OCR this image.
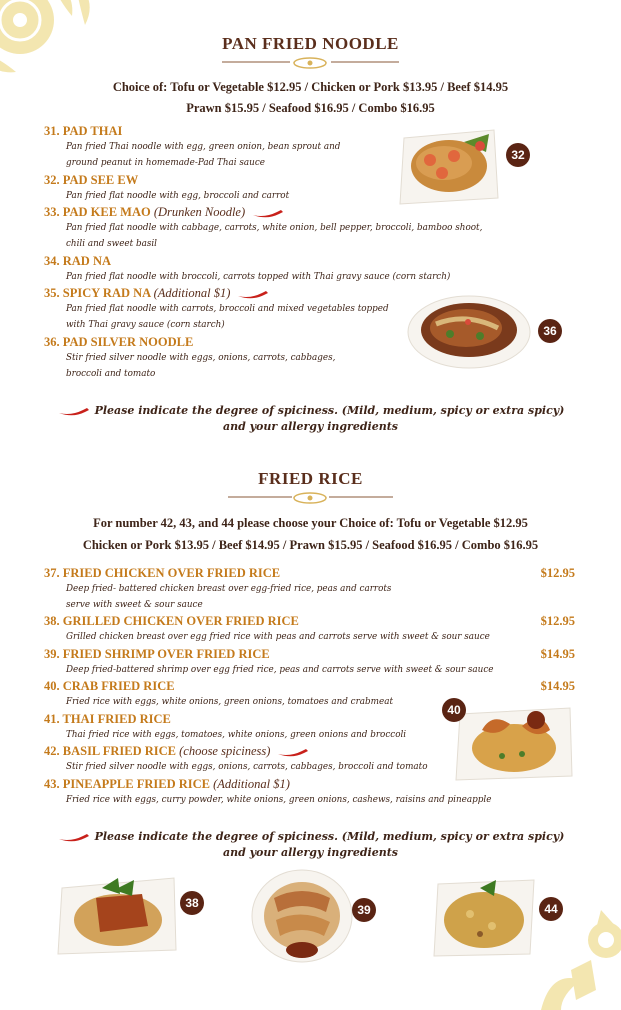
PAN FRIED NOODLE
Choice of: Tofu or Vegetable $12.95 / Chicken or Pork $13.95 / Beef $14.95
Prawn $15.95 / Seafood $16.95 / Combo $16.95
31. PAD THAI
Pan fried Thai noodle with egg, green onion, bean sprout and
ground peanut in homemade-Pad Thai sauce
32. PAD SEE EW
Pan fried flat noodle with egg, broccoli and carrot
33. PAD KEE MAO (Drunken Noodle)
Pan fried flat noodle with cabbage, carrots, white onion, bell pepper, broccoli, bamboo shoot,
chili and sweet basil
34. RAD NA
Pan fried flat noodle with broccoli, carrots topped with Thai gravy sauce (corn starch)
35. SPICY RAD NA (Additional $1)
Pan fried flat noodle with carrots, broccoli and mixed vegetables topped
with Thai gravy sauce (corn starch)
36. PAD SILVER NOODLE
Stir fried silver noodle with eggs, onions, carrots, cabbages,
broccoli and tomato
32
36
Please indicate the degree of spiciness. (Mild, medium, spicy or extra spicy)
and your allergy ingredients
FRIED RICE
For number 42, 43, and 44 please choose your Choice of: Tofu or Vegetable $12.95
Chicken or Pork $13.95 / Beef $14.95 / Prawn $15.95 / Seafood $16.95 / Combo $16.95
37. FRIED CHICKEN OVER FRIED RICE
Deep fried- battered chicken breast over egg-fried rice, peas and carrots
serve with sweet & sour sauce
$12.95
38. GRILLED CHICKEN OVER FRIED RICE
Grilled chicken breast over egg fried rice with peas and carrots serve with sweet & sour sauce
$12.95
39. FRIED SHRIMP OVER FRIED RICE
Deep fried-battered shrimp over egg fried rice, peas and carrots serve with sweet & sour sauce
$14.95
40. CRAB FRIED RICE
Fried rice with eggs, white onions, green onions, tomatoes and crabmeat
$14.95
41. THAI FRIED RICE
Thai fried rice with eggs, tomatoes, white onions, green onions and broccoli
42. BASIL FRIED RICE (choose spiciness)
Stir fried silver noodle with eggs, onions, carrots, cabbages, broccoli and tomato
43. PINEAPPLE FRIED RICE (Additional $1)
Fried rice with eggs, curry powder, white onions, green onions, cashews, raisins and pineapple
40
Please indicate the degree of spiciness. (Mild, medium, spicy or extra spicy)
and your allergy ingredients
38	39	44
